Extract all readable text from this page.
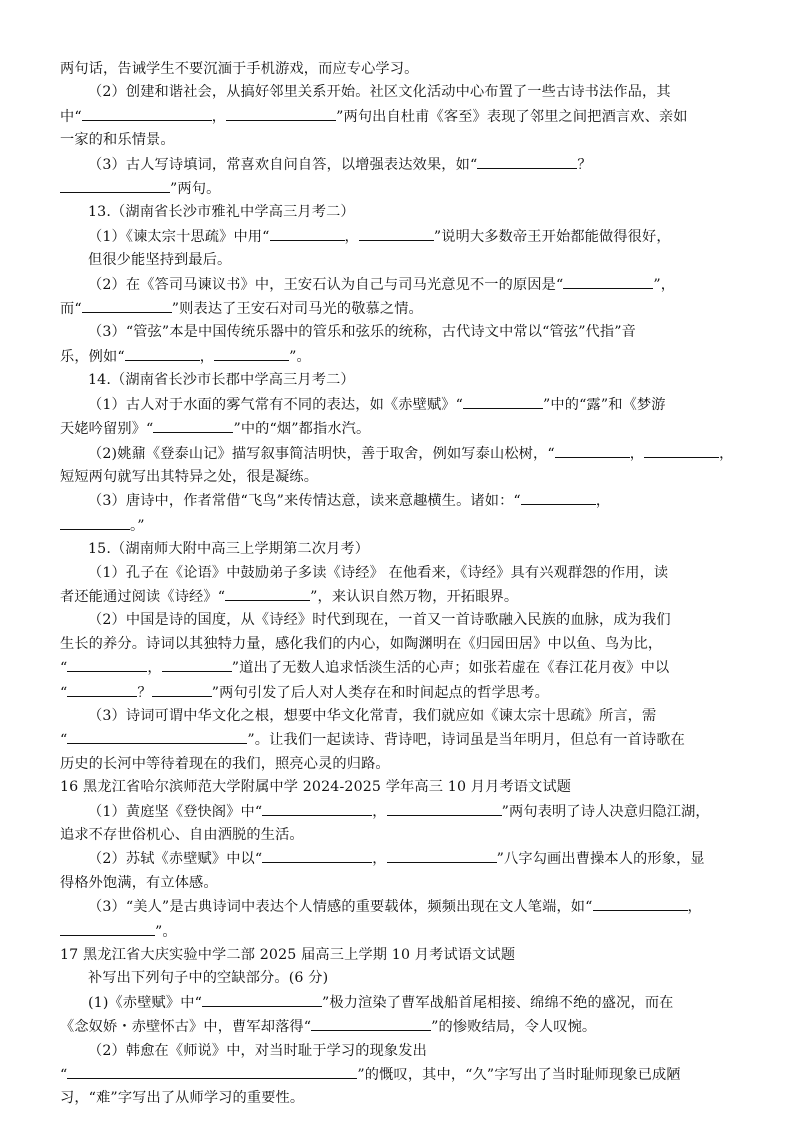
两句话，告诫学生不要沉湎于手机游戏，而应专心学习。
（2）创建和谐社会，从搞好邻里关系开始。社区文化活动中心布置了一些古诗书法作品，其
中“	，	”两句出自杜甫《客至》表现了邻里之间把酒言欢、亲如
一家的和乐情景。
（3）古人写诗填词，常喜欢自问自答，以增强表达效果，如“	？
”两句。
13.（湖南省长沙市雅礼中学高三月考二）
（1）《谏太宗十思疏》中用“	，	”说明大多数帝王开始都能做得很好，
但很少能坚持到最后。
（2）在《答司马谏议书》中，王安石认为自己与司马光意见不一的原因是“	”，
而“	”则表达了王安石对司马光的敬慕之情。
（3）“管弦”本是中国传统乐器中的管乐和弦乐的统称，古代诗文中常以“管弦”代指”音
乐，例如“	，	”。
14.（湖南省长沙市长郡中学高三月考二）
（1）古人对于水面的雾气常有不同的表达，如《赤壁赋》“	”中的“露”和《梦游
天姥吟留别》“	”中的“烟”都指水汽。
（2)姚鼐《登泰山记》描写叙事简洁明快，善于取舍，例如写泰山松树，“	，	，
短短两句就写出其特异之处，很是凝练。
（3）唐诗中，作者常借“飞鸟”来传情达意，读来意趣横生。诸如：“	，
。”
15.（湖南师大附中高三上学期第二次月考）
（1）孔子在《论语》中鼓励弟子多读《诗经》 在他看来，《诗经》具有兴观群怨的作用，读
者还能通过阅读《诗经》“	”，来认识自然万物，开拓眼界。
（2）中国是诗的国度，从《诗经》时代到现在，一首又一首诗歌融入民族的血脉，成为我们
生长的养分。诗词以其独特力量，感化我们的内心，如陶渊明在《归园田居》中以鱼、鸟为比，
“	，	”道出了无数人追求恬淡生活的心声；如张若虚在《春江花月夜》中以
“	？	”两句引发了后人对人类存在和时间起点的哲学思考。
（3）诗词可谓中华文化之根，想要中华文化常青，我们就应如《谏太宗十思疏》所言，需
“	”。让我们一起读诗、背诗吧，诗词虽是当年明月，但总有一首诗歌在
历史的长河中等待着现在的我们，照亮心灵的归路。
16 黑龙江省哈尔滨师范大学附属中学 2024-2025 学年高三 10 月月考语文试题
（1）黄庭坚《登快阁》中“	，	”两句表明了诗人决意归隐江湖，
追求不存世俗机心、自由洒脱的生活。
（2）苏轼《赤壁赋》中以“	，	”八字勾画出曹操本人的形象，显
得格外饱满，有立体感。
（3）“美人”是古典诗词中表达个人情感的重要载体，频频出现在文人笔端，如“	，
”。
17 黑龙江省大庆实验中学二部 2025 届高三上学期 10 月考试语文试题
补写出下列句子中的空缺部分。(6 分)
(1)《赤壁赋》中“	”极力渲染了曹军战船首尾相接、绵绵不绝的盛况，而在
《念奴娇・赤壁怀古》中，曹军却落得“	”的惨败结局，令人叹惋。
（2）韩愈在《师说》中，对当时耻于学习的现象发出
“	”的慨叹，其中，“久”字写出了当时耻师现象已成陋
习，“难”字写出了从师学习的重要性。
